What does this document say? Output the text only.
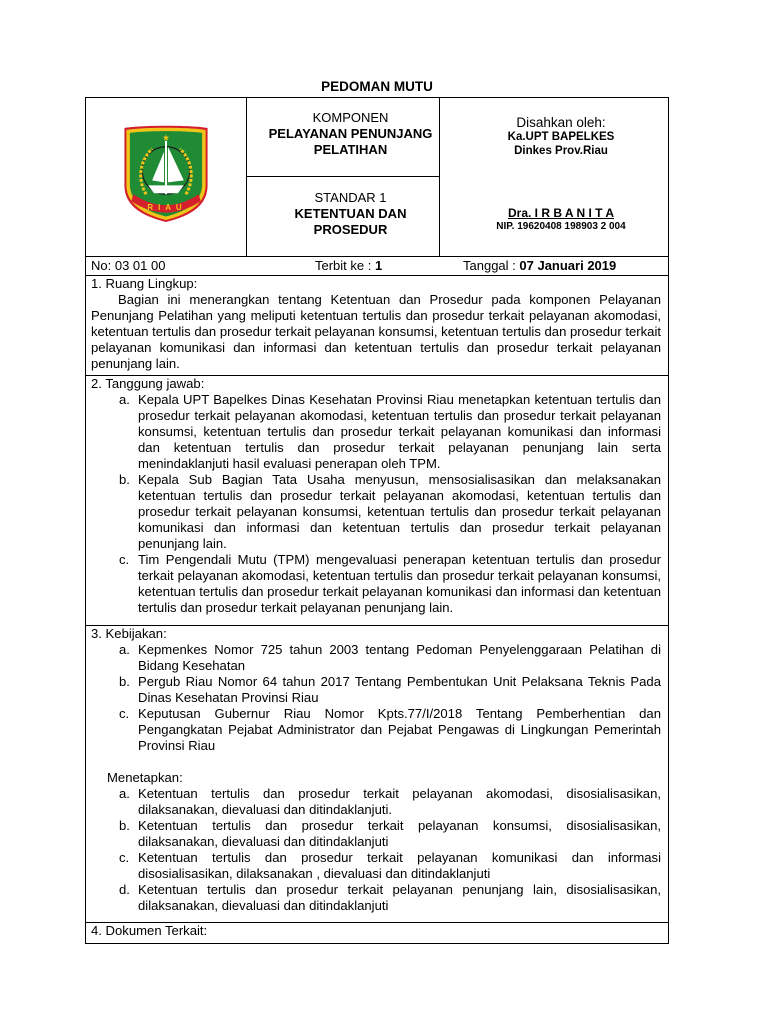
PEDOMAN MUTU
RIAU
KOMPONEN
PELAYANAN PENUNJANG
PELATIHAN
STANDAR 1
KETENTUAN DAN
PROSEDUR
Disahkan oleh:
Ka.UPT BAPELKES
Dinkes Prov.Riau
Dra. I R B A N I T A
NIP. 19620408 198903 2 004
No: 03 01 00	Terbit ke : 1	Tanggal : 07 Januari 2019
1. Ruang Lingkup:
Bagian ini menerangkan tentang Ketentuan dan Prosedur pada komponen Pelayanan Penunjang Pelatihan yang meliputi ketentuan tertulis dan prosedur terkait pelayanan akomodasi, ketentuan tertulis dan prosedur terkait pelayanan konsumsi, ketentuan tertulis dan prosedur terkait pelayanan komunikasi dan informasi dan ketentuan tertulis dan prosedur terkait pelayanan penunjang lain.
2. Tanggung jawab:
a. Kepala UPT Bapelkes Dinas Kesehatan Provinsi Riau menetapkan ketentuan tertulis dan prosedur terkait pelayanan akomodasi, ketentuan tertulis dan prosedur terkait pelayanan konsumsi, ketentuan tertulis dan prosedur terkait pelayanan komunikasi dan informasi dan ketentuan tertulis dan prosedur terkait pelayanan penunjang lain serta menindaklanjuti hasil evaluasi penerapan oleh TPM.
b. Kepala Sub Bagian Tata Usaha menyusun, mensosialisasikan dan melaksanakan ketentuan tertulis dan prosedur terkait pelayanan akomodasi, ketentuan tertulis dan prosedur terkait pelayanan konsumsi, ketentuan tertulis dan prosedur terkait pelayanan komunikasi dan informasi dan ketentuan tertulis dan prosedur terkait pelayanan penunjang lain.
c. Tim Pengendali Mutu (TPM) mengevaluasi penerapan ketentuan tertulis dan prosedur terkait pelayanan akomodasi, ketentuan tertulis dan prosedur terkait pelayanan konsumsi, ketentuan tertulis dan prosedur terkait pelayanan komunikasi dan informasi dan ketentuan tertulis dan prosedur terkait pelayanan penunjang lain.
3. Kebijakan:
a. Kepmenkes Nomor 725 tahun 2003 tentang Pedoman Penyelenggaraan Pelatihan di Bidang Kesehatan
b. Pergub Riau Nomor 64 tahun 2017 Tentang Pembentukan Unit Pelaksana Teknis Pada Dinas Kesehatan Provinsi Riau
c. Keputusan Gubernur Riau Nomor Kpts.77/I/2018 Tentang Pemberhentian dan Pengangkatan Pejabat Administrator dan Pejabat Pengawas di Lingkungan Pemerintah Provinsi Riau
Menetapkan:
a. Ketentuan tertulis dan prosedur terkait pelayanan akomodasi, disosialisasikan, dilaksanakan, dievaluasi dan ditindaklanjuti.
b. Ketentuan tertulis dan prosedur terkait pelayanan konsumsi, disosialisasikan, dilaksanakan, dievaluasi dan ditindaklanjuti
c. Ketentuan tertulis dan prosedur terkait pelayanan komunikasi dan informasi disosialisasikan, dilaksanakan , dievaluasi dan ditindaklanjuti
d. Ketentuan tertulis dan prosedur terkait pelayanan penunjang lain, disosialisasikan, dilaksanakan, dievaluasi dan ditindaklanjuti
4. Dokumen Terkait:
